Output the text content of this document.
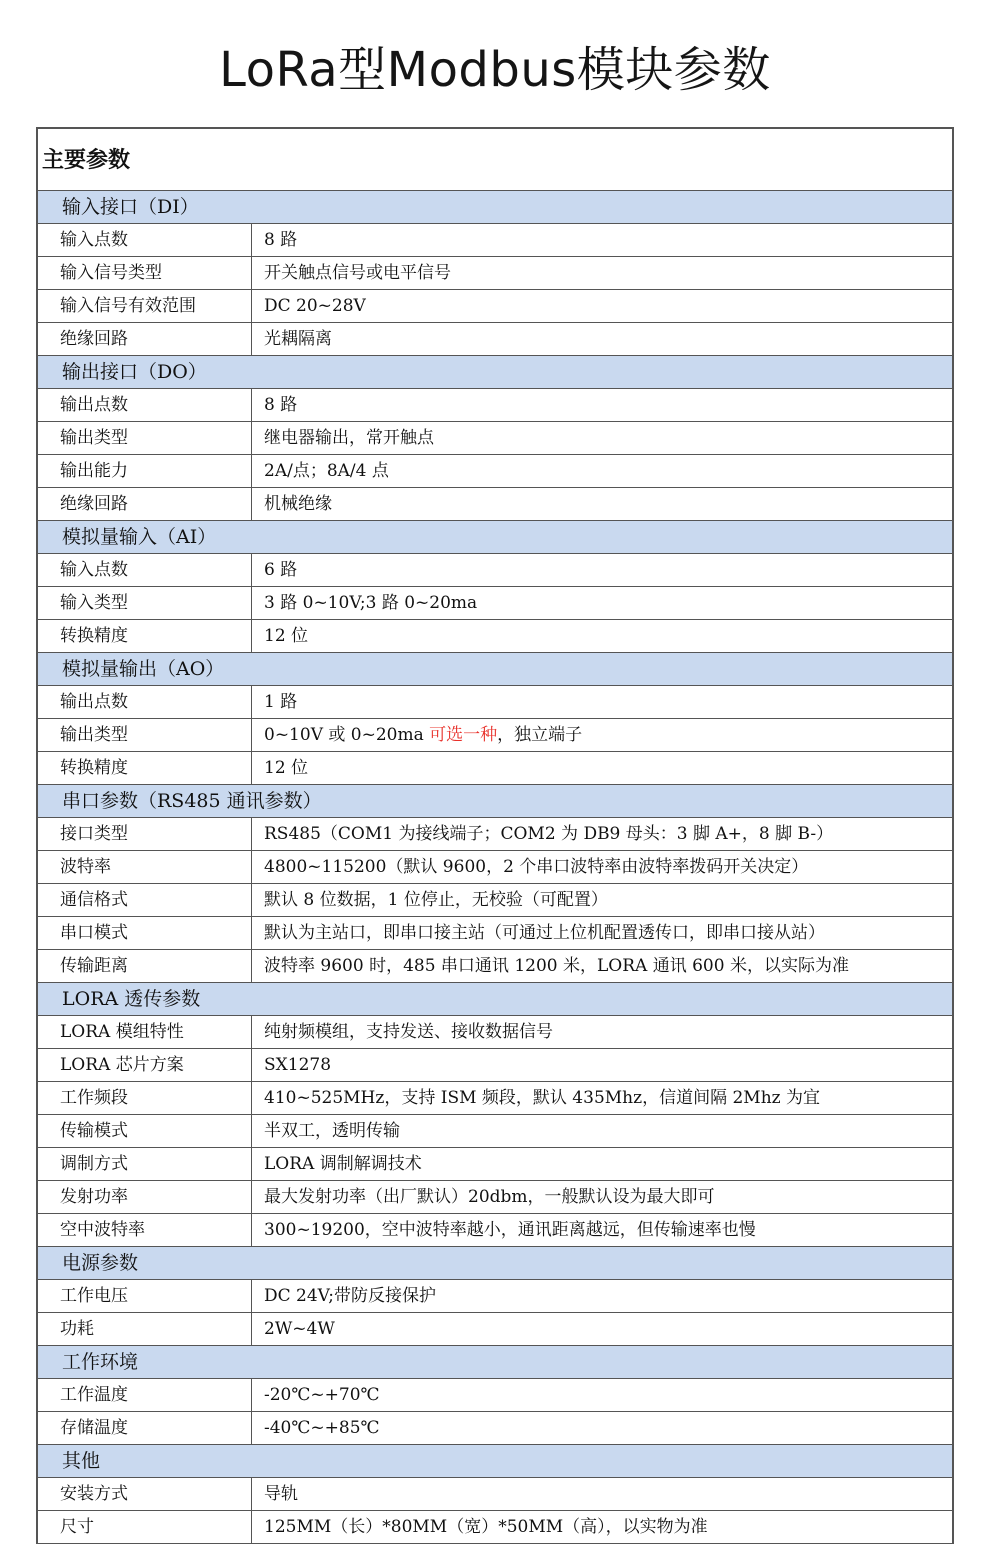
LoRa型Modbus模块参数
主要参数
输入接口（DI）
输入点数	8 路
输入信号类型	开关触点信号或电平信号
输入信号有效范围	DC 20~28V
绝缘回路	光耦隔离
输出接口（DO）
输出点数	8 路
输出类型	继电器输出，常开触点
输出能力	2A/点；8A/4 点
绝缘回路	机械绝缘
模拟量输入（AI）
输入点数	6 路
输入类型	3 路 0~10V;3 路 0~20ma
转换精度	12 位
模拟量输出（AO）
输出点数	1 路
输出类型	0~10V 或 0~20ma 可选一种，独立端子
转换精度	12 位
串口参数（RS485 通讯参数）
接口类型	RS485（COM1 为接线端子；COM2 为 DB9 母头：3 脚 A+，8 脚 B-）
波特率	4800~115200（默认 9600，2 个串口波特率由波特率拨码开关决定）
通信格式	默认 8 位数据，1 位停止，无校验（可配置）
串口模式	默认为主站口，即串口接主站（可通过上位机配置透传口，即串口接从站）
传输距离	波特率 9600 时，485 串口通讯 1200 米，LORA 通讯 600 米，以实际为准
LORA 透传参数
LORA 模组特性	纯射频模组，支持发送、接收数据信号
LORA 芯片方案	SX1278
工作频段	410~525MHz，支持 ISM 频段，默认 435Mhz，信道间隔 2Mhz 为宜
传输模式	半双工，透明传输
调制方式	LORA 调制解调技术
发射功率	最大发射功率（出厂默认）20dbm，一般默认设为最大即可
空中波特率	300~19200，空中波特率越小，通讯距离越远，但传输速率也慢
电源参数
工作电压	DC 24V;带防反接保护
功耗	2W~4W
工作环境
工作温度	-20℃~+70℃
存储温度	-40℃~+85℃
其他
安装方式	导轨
尺寸	125MM（长）*80MM（宽）*50MM（高），以实物为准
